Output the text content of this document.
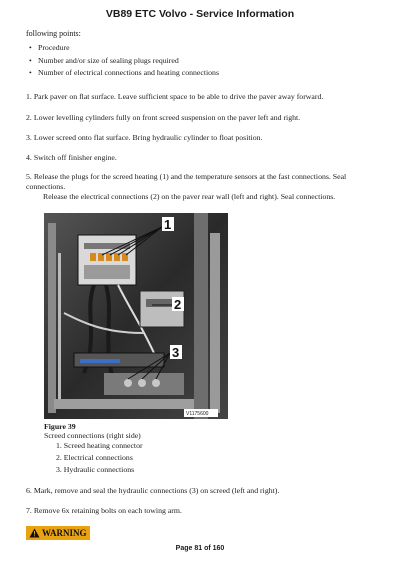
VB89 ETC Volvo - Service Information
following points:
• Procedure
• Number and/or size of sealing plugs required
• Number of electrical connections and heating connections
1. Park paver on flat surface. Leave sufficient space to be able to drive the paver away forward.
2. Lower levelling cylinders fully on front screed suspension on the paver left and right.
3. Lower screed onto flat surface. Bring hydraulic cylinder to float position.
4. Switch off finisher engine.
5. Release the plugs for the screed heating (1) and the temperature sensors at the fast connections. Seal connections.
Release the electrical connections (2) on the paver rear wall (left and right). Seal connections.
1
2
3
V1175600
Figure 39
Screed connections (right side)
1. Screed heating connector
2. Electrical connections
3. Hydraulic connections
6. Mark, remove and seal the hydraulic connections (3) on screed (left and right).
7. Remove 6x retaining bolts on each towing arm.
WARNING
Page 81 of 160
